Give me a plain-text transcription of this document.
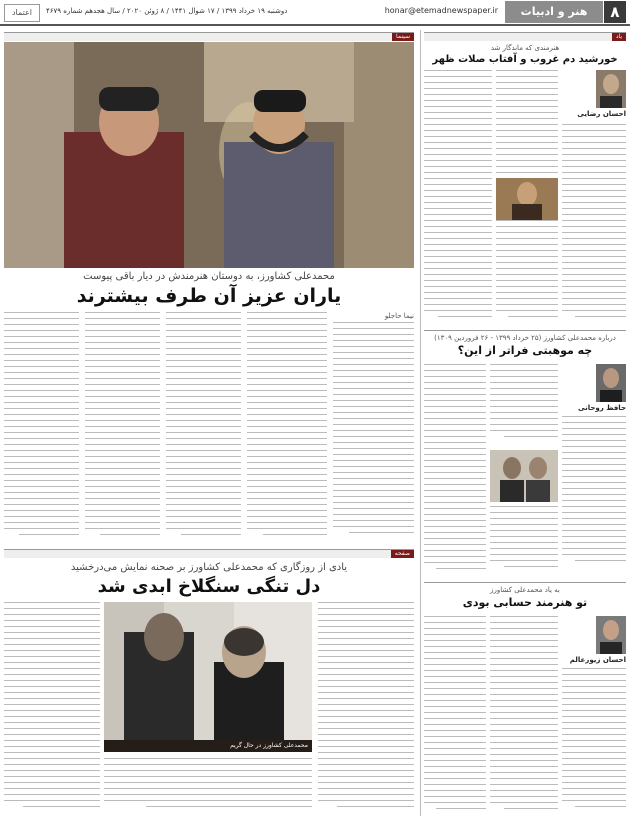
۸
هنر و ادبیات
honar@etemadnewspaper.ir
دوشنبه ۱۹ خرداد ۱۳۹۹ / ۱۷ شوال ۱۴۴۱ / ۸ ژوئن ۲۰۲۰ / سال هجدهم شماره ۴۶۷۹
اعتماد
سینما
محمدعلی کشاورز، به دوستان هنرمندش در دیار باقی پیوست
یاران عزیز آن طرف بیشترند
نیما حاجلو
صفحه
یادی از روزگاری که محمدعلی کشاورز بر صحنه نمایش می‌درخشید
دل تنگی سنگلاخ ابدی شد
محمدعلی کشاورز در حال گریم
یاد
هنرمندی که ماندگار شد
خورشید دم غروب و آفتاب صلات ظهر
احسان رضایی
درباره محمدعلی کشاورز (۲۵ خرداد ۱۳۹۹ - ۲۶ فروردین ۱۳۰۹)
چه موهبتی فراتر از این؟
حافظ روحانی
به یاد محمدعلی کشاورز
تو هنرمند حسابی بودی
احسان زیورعالم
